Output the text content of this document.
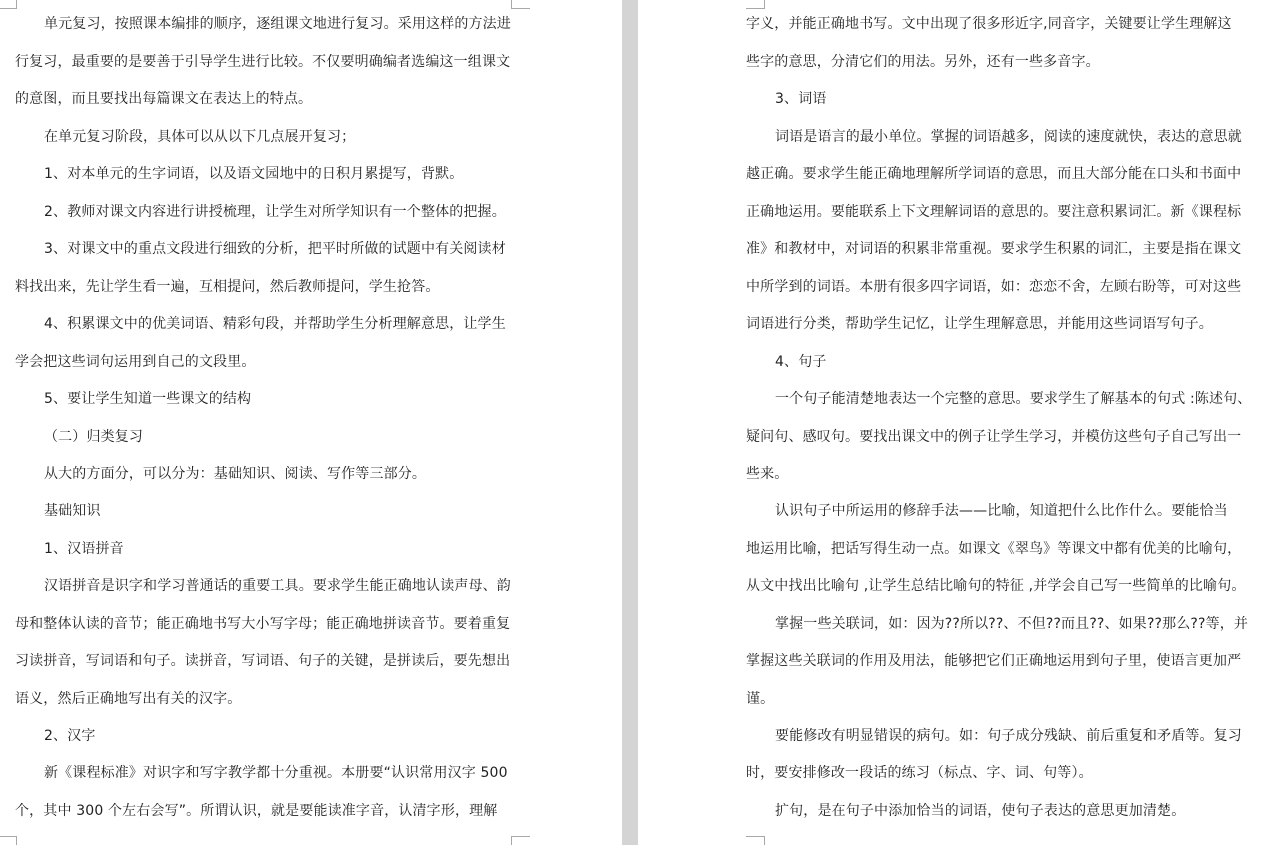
单元复习，按照课本编排的顺序，逐组课文地进行复习。采用这样的方法进
行复习，最重要的是要善于引导学生进行比较。不仅要明确编者选编这一组课文
的意图，而且要找出每篇课文在表达上的特点。
在单元复习阶段，具体可以从以下几点展开复习；
1、对本单元的生字词语，以及语文园地中的日积月累提写，背默。
2、教师对课文内容进行讲授梳理，让学生对所学知识有一个整体的把握。
3、对课文中的重点文段进行细致的分析，把平时所做的试题中有关阅读材
料找出来，先让学生看一遍，互相提问，然后教师提问，学生抢答。
4、积累课文中的优美词语、精彩句段，并帮助学生分析理解意思，让学生
学会把这些词句运用到自己的文段里。
5、要让学生知道一些课文的结构
（二）归类复习
从大的方面分，可以分为：基础知识、阅读、写作等三部分。
基础知识
1、汉语拼音
汉语拼音是识字和学习普通话的重要工具。要求学生能正确地认读声母、韵
母和整体认读的音节；能正确地书写大小写字母；能正确地拼读音节。要着重复
习读拼音，写词语和句子。读拼音，写词语、句子的关键，是拼读后，要先想出
语义，然后正确地写出有关的汉字。
2、汉字
新《课程标准》对识字和写字教学都十分重视。本册要“认识常用汉字 500
个，其中 300 个左右会写”。所谓认识，就是要能读准字音，认清字形，理解
字义，并能正确地书写。文中出现了很多形近字,同音字，关键要让学生理解这
些字的意思，分清它们的用法。另外，还有一些多音字。
3、词语
词语是语言的最小单位。掌握的词语越多，阅读的速度就快，表达的意思就
越正确。要求学生能正确地理解所学词语的意思，而且大部分能在口头和书面中
正确地运用。要能联系上下文理解词语的意思的。要注意积累词汇。新《课程标
准》和教材中，对词语的积累非常重视。要求学生积累的词汇，主要是指在课文
中所学到的词语。本册有很多四字词语，如：恋恋不舍，左顾右盼等，可对这些
词语进行分类，帮助学生记忆，让学生理解意思，并能用这些词语写句子。
4、句子
一个句子能清楚地表达一个完整的意思。要求学生了解基本的句式 :陈述句、
疑问句、感叹句。要找出课文中的例子让学生学习，并模仿这些句子自己写出一
些来。
认识句子中所运用的修辞手法——比喻，知道把什么比作什么。要能恰当
地运用比喻，把话写得生动一点。如课文《翠鸟》等课文中都有优美的比喻句，
从文中找出比喻句 ,让学生总结比喻句的特征 ,并学会自己写一些简单的比喻句。
掌握一些关联词，如：因为??所以??、不但??而且??、如果??那么??等，并
掌握这些关联词的作用及用法，能够把它们正确地运用到句子里，使语言更加严
谨。
要能修改有明显错误的病句。如：句子成分残缺、前后重复和矛盾等。复习
时，要安排修改一段话的练习（标点、字、词、句等）。
扩句，是在句子中添加恰当的词语，使句子表达的意思更加清楚。
